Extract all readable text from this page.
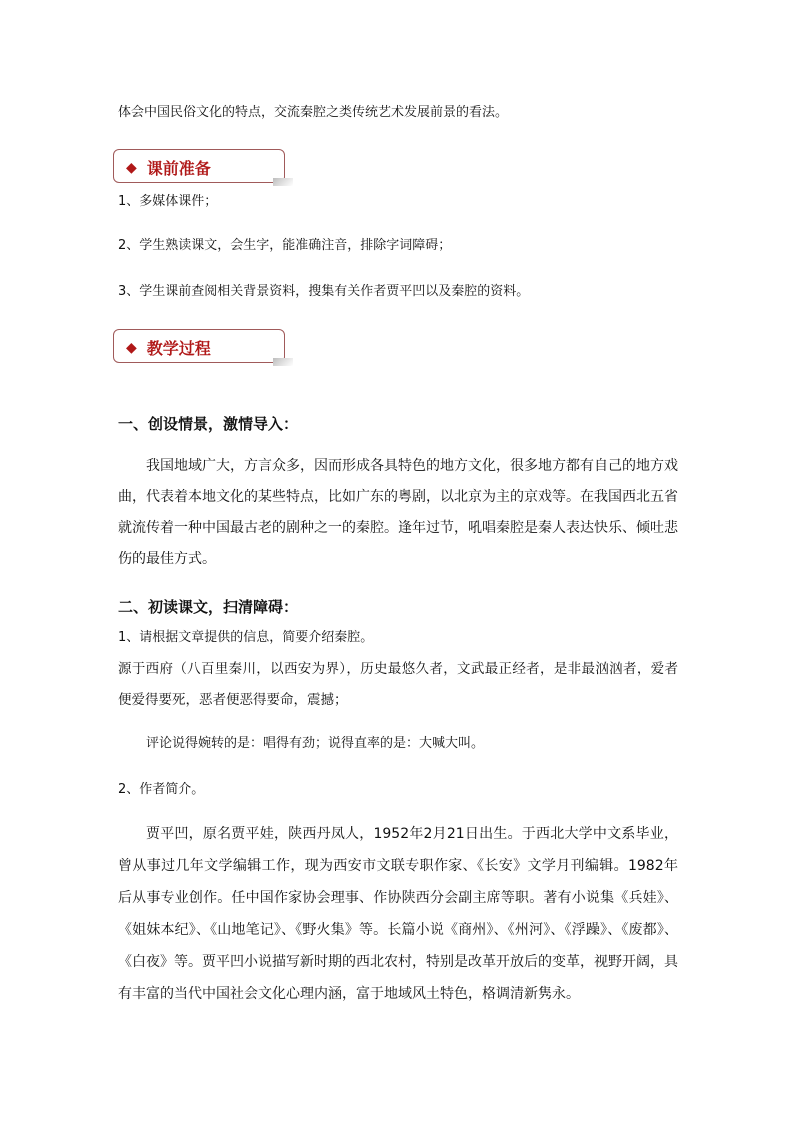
体会中国民俗文化的特点，交流秦腔之类传统艺术发展前景的看法。
◆ 课前准备
1、多媒体课件；
2、学生熟读课文，会生字，能准确注音，排除字词障碍；
3、学生课前查阅相关背景资料，搜集有关作者贾平凹以及秦腔的资料。
◆ 教学过程
一、创设情景，激情导入：
我国地域广大，方言众多，因而形成各具特色的地方文化，很多地方都有自己的地方戏曲，代表着本地文化的某些特点，比如广东的粤剧，以北京为主的京戏等。在我国西北五省就流传着一种中国最古老的剧种之一的秦腔。逢年过节，吼唱秦腔是秦人表达快乐、倾吐悲伤的最佳方式。
二、初读课文，扫清障碍：
1、请根据文章提供的信息，简要介绍秦腔。
源于西府（八百里秦川，以西安为界），历史最悠久者，文武最正经者，是非最汹汹者，爱者便爱得要死，恶者便恶得要命，震撼；
评论说得婉转的是：唱得有劲；说得直率的是：大喊大叫。
2、作者简介。
贾平凹，原名贾平娃，陕西丹凤人，1952年2月21日出生。于西北大学中文系毕业，曾从事过几年文学编辑工作，现为西安市文联专职作家、《长安》文学月刊编辑。1982年后从事专业创作。任中国作家协会理事、作协陕西分会副主席等职。著有小说集《兵娃》、《姐妹本纪》、《山地笔记》、《野火集》等。长篇小说《商州》、《州河》、《浮躁》、《废都》、《白夜》等。贾平凹小说描写新时期的西北农村，特别是改革开放后的变革，视野开阔，具有丰富的当代中国社会文化心理内涵，富于地域风土特色，格调清新隽永。
